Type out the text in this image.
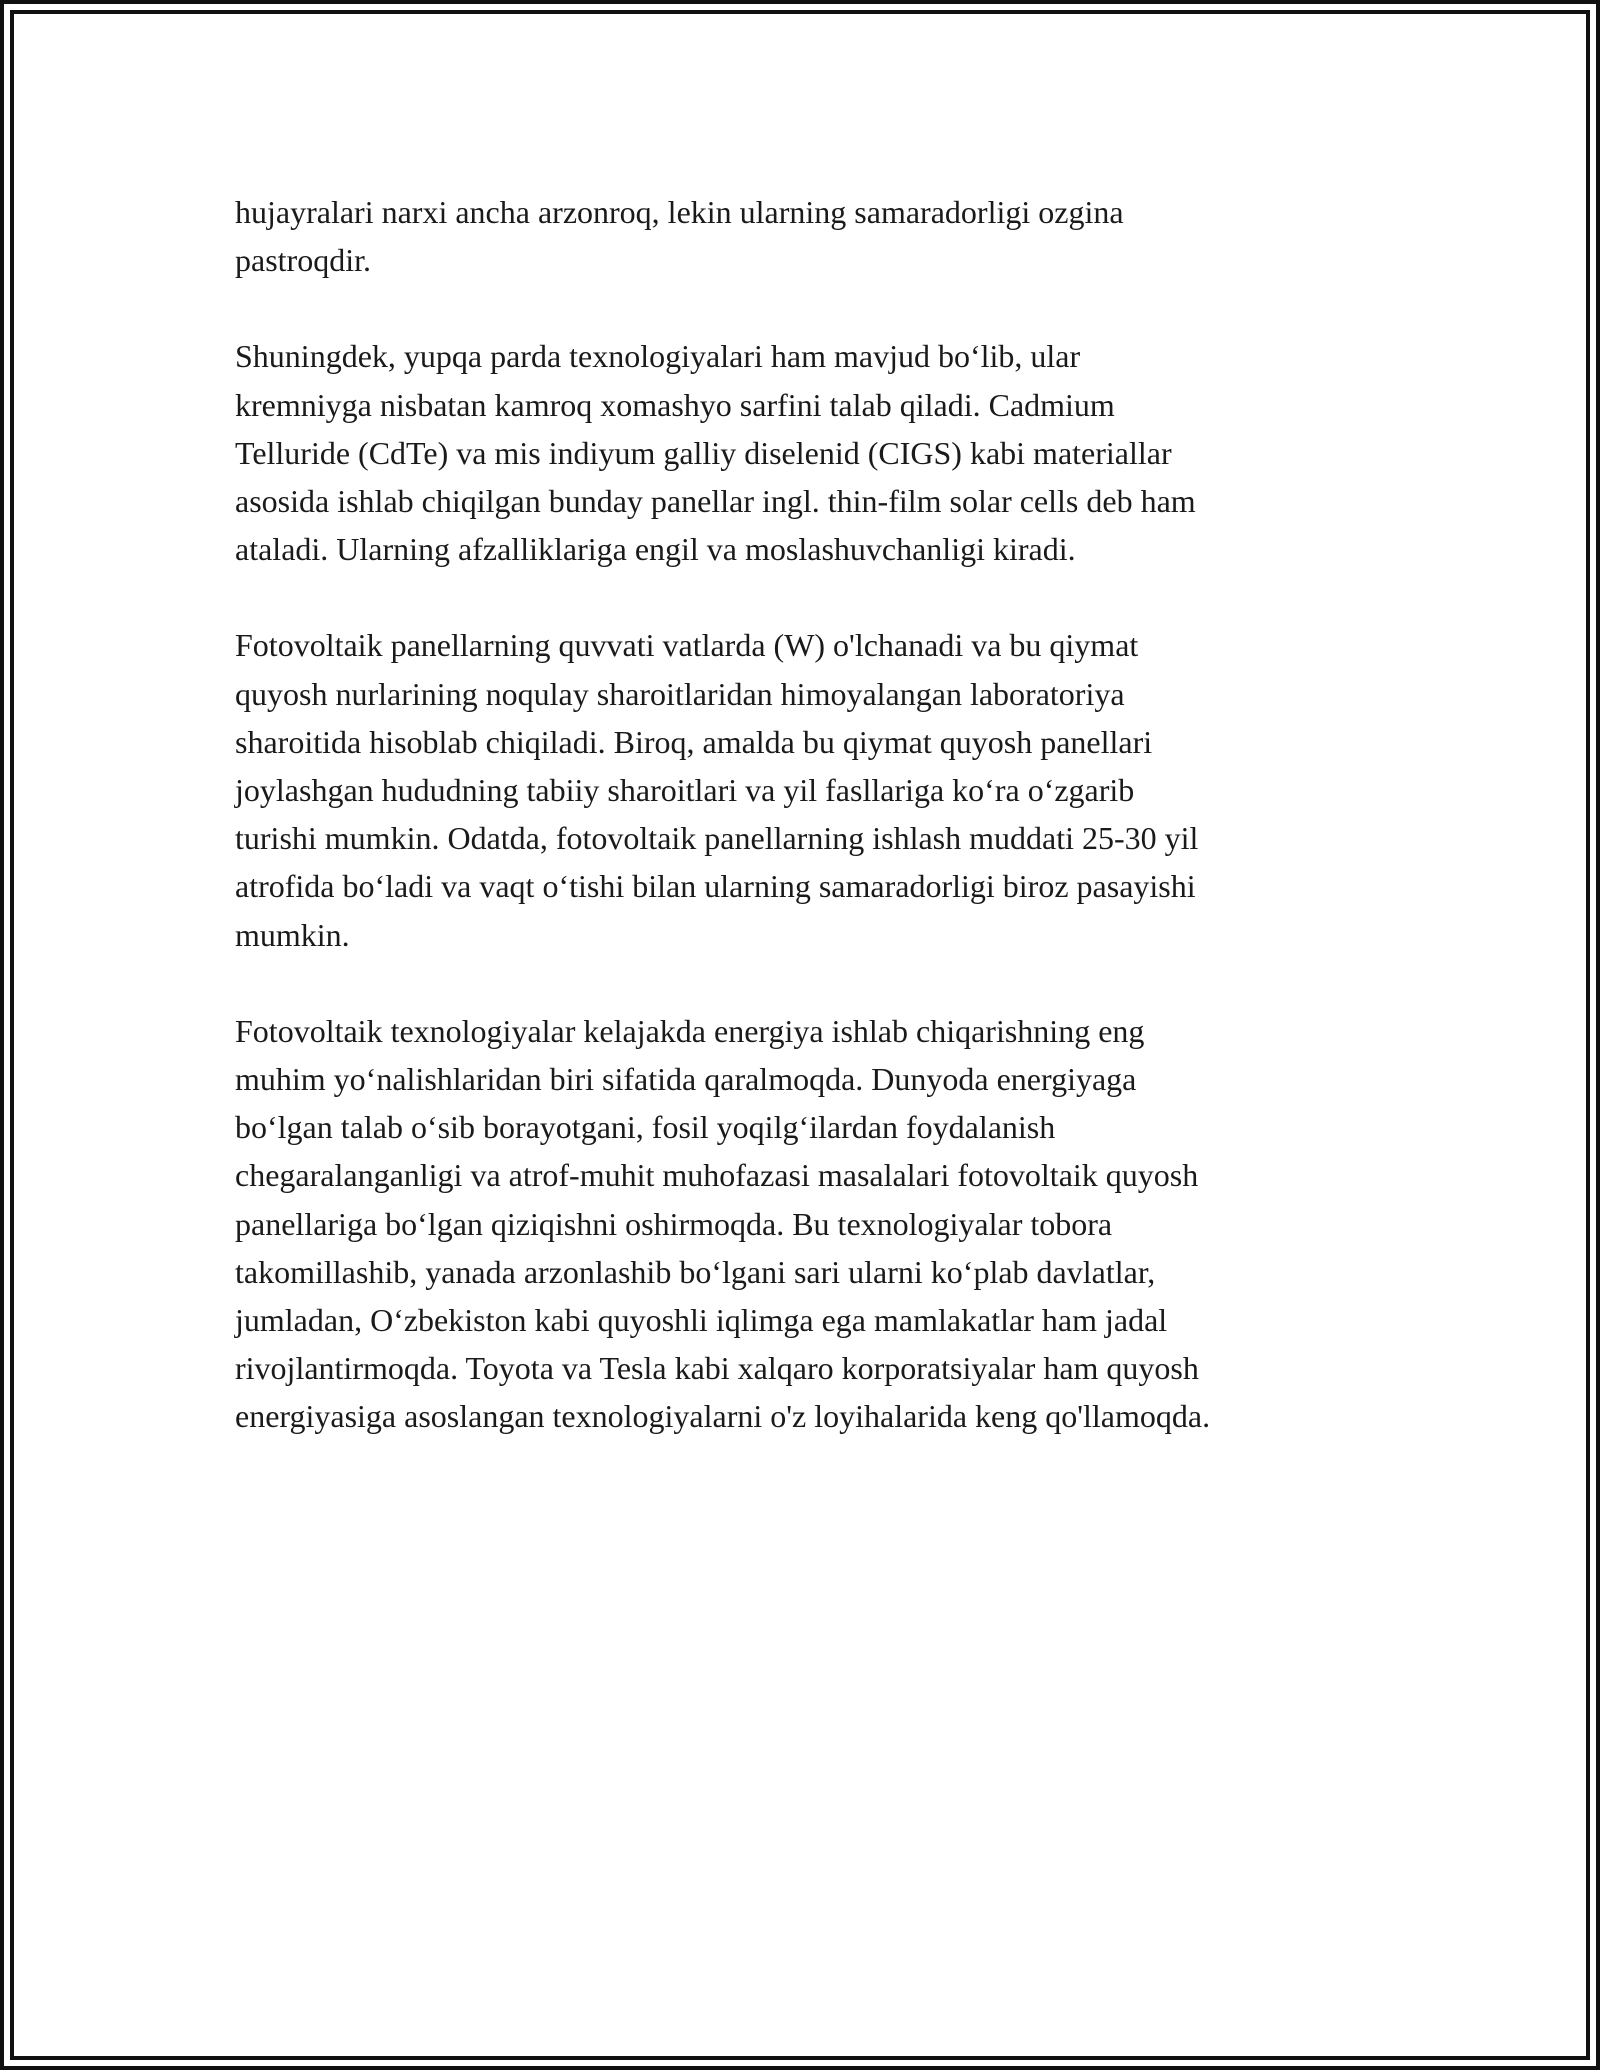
hujayralari narxi ancha arzonroq, lekin ularning samaradorligi ozgina
pastroqdir.

Shuningdek, yupqa parda texnologiyalari ham mavjud bo‘lib, ular
kremniyga nisbatan kamroq xomashyo sarfini talab qiladi. Cadmium
Telluride (CdTe) va mis indiyum galliy diselenid (CIGS) kabi materiallar
asosida ishlab chiqilgan bunday panellar ingl. thin-film solar cells deb ham
ataladi. Ularning afzalliklariga engil va moslashuvchanligi kiradi.

Fotovoltaik panellarning quvvati vatlarda (W) o'lchanadi va bu qiymat
quyosh nurlarining noqulay sharoitlaridan himoyalangan laboratoriya
sharoitida hisoblab chiqiladi. Biroq, amalda bu qiymat quyosh panellari
joylashgan hududning tabiiy sharoitlari va yil fasllariga ko‘ra o‘zgarib
turishi mumkin. Odatda, fotovoltaik panellarning ishlash muddati 25-30 yil
atrofida bo‘ladi va vaqt o‘tishi bilan ularning samaradorligi biroz pasayishi
mumkin.

Fotovoltaik texnologiyalar kelajakda energiya ishlab chiqarishning eng
muhim yo‘nalishlaridan biri sifatida qaralmoqda. Dunyoda energiyaga
bo‘lgan talab o‘sib borayotgani, fosil yoqilg‘ilardan foydalanish
chegaralanganligi va atrof-muhit muhofazasi masalalari fotovoltaik quyosh
panellariga bo‘lgan qiziqishni oshirmoqda. Bu texnologiyalar tobora
takomillashib, yanada arzonlashib bo‘lgani sari ularni ko‘plab davlatlar,
jumladan, O‘zbekiston kabi quyoshli iqlimga ega mamlakatlar ham jadal
rivojlantirmoqda. Toyota va Tesla kabi xalqaro korporatsiyalar ham quyosh
energiyasiga asoslangan texnologiyalarni o'z loyihalarida keng qo'llamoqda.
